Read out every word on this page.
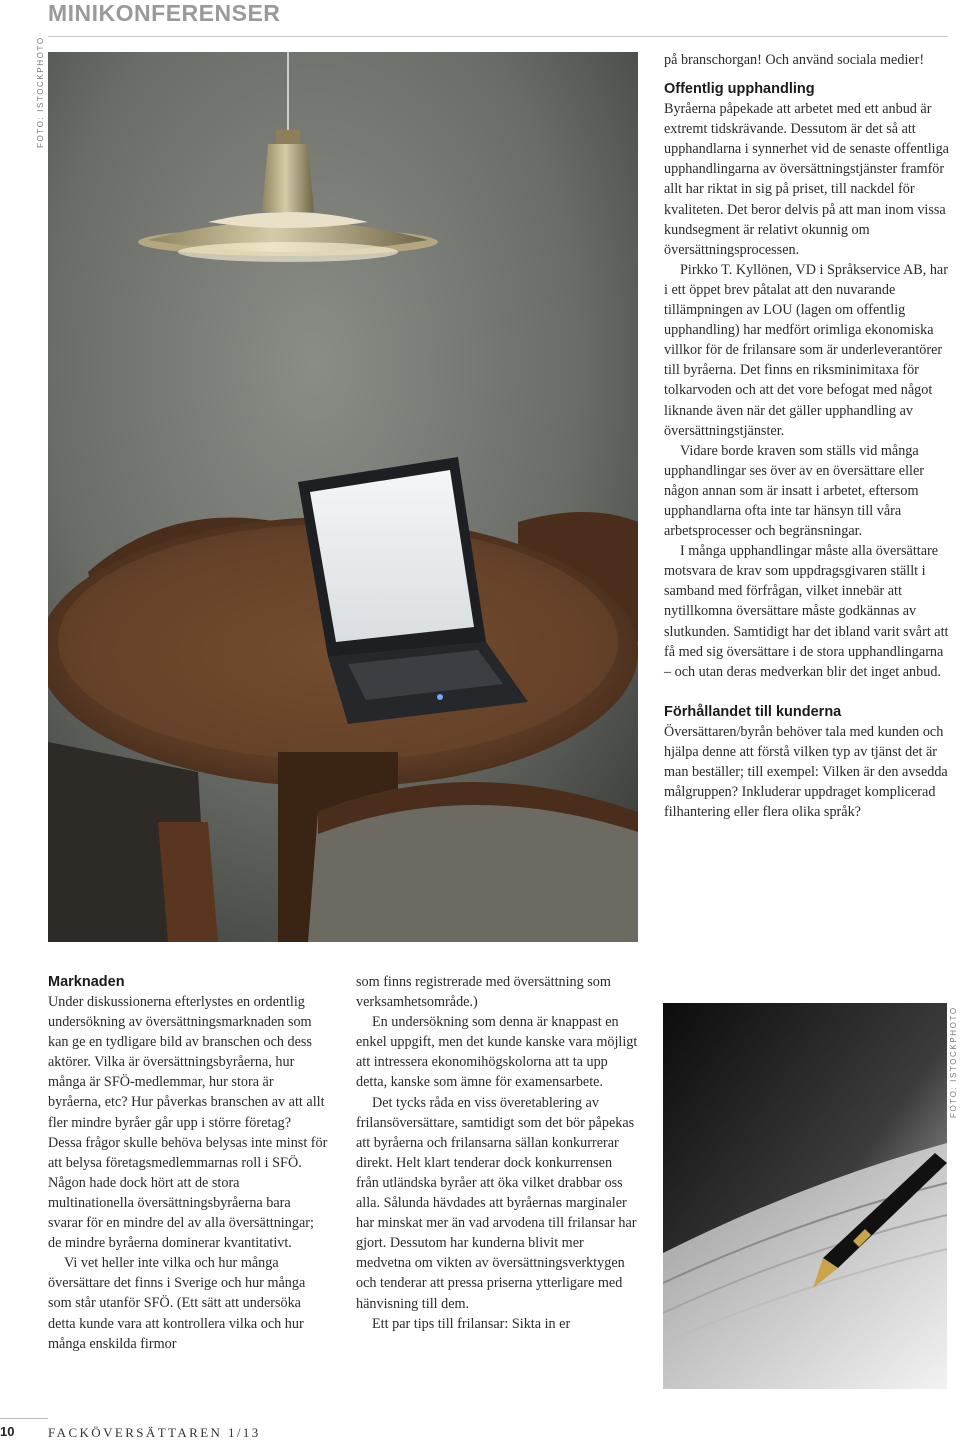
MINIKONFERENSER
FOTO: ISTOCKPHOTO	på branschorgan! Och använd sociala medier!

Offentlig upphandling

Byråerna påpekade att arbetet med ett anbud är extremt tidskrävande. Dessutom är det så att upphandlarna i synnerhet vid de senaste offentliga upphandlingarna av översättningstjänster framför allt har riktat in sig på priset, till nackdel för kvaliteten. Det beror delvis på att man inom vissa kundsegment är relativt okunnig om översättningsprocessen.

Pirkko T. Kyllönen, VD i Språkservice AB, har i ett öppet brev påtalat att den nuvarande tillämpningen av LOU (lagen om offentlig upphandling) har medfört orimliga ekonomiska villkor för de frilansare som är underleverantörer till byråerna. Det finns en riksminimitaxa för tolkarvoden och att det vore befogat med något liknande även när det gäller upphandling av översättningstjänster.

Vidare borde kraven som ställs vid många upphandlingar ses över av en översättare eller någon annan som är insatt i arbetet, eftersom upphandlarna ofta inte tar hänsyn till våra arbetsprocesser och begränsningar.

I många upphandlingar måste alla översättare motsvara de krav som uppdragsgivaren ställt i samband med förfrågan, vilket innebär att nytillkomna översättare måste godkännas av slutkunden. Samtidigt har det ibland varit svårt att få med sig översättare i de stora upphandlingarna – och utan deras medverkan blir det inget anbud.

Förhållandet till kunderna

Översättaren/byrån behöver tala med kunden och hjälpa denne att förstå vilken typ av tjänst det är man beställer; till exempel: Vilken är den avsedda målgruppen? Inkluderar uppdraget komplicerad filhantering eller flera olika språk?

FOTO: ISTOCKPHOTO
Marknaden

Under diskussionerna efterlystes en ordentlig undersökning av översättningsmarknaden som kan ge en tydligare bild av branschen och dess aktörer. Vilka är översättningsbyråerna, hur många är SFÖ-medlemmar, hur stora är byråerna, etc? Hur påverkas branschen av att allt fler mindre byråer går upp i större företag? Dessa frågor skulle behöva belysas inte minst för att belysa företagsmedlemmarnas roll i SFÖ. Någon hade dock hört att de stora multinationella översättningsbyråerna bara svarar för en mindre del av alla översättningar; de mindre byråerna dominerar kvantitativt.

Vi vet heller inte vilka och hur många översättare det finns i Sverige och hur många som står utanför SFÖ. (Ett sätt att undersöka detta kunde vara att kontrollera vilka och hur många enskilda firmor

som finns registrerade med översättning som verksamhetsområde.)

En undersökning som denna är knappast en enkel uppgift, men det kunde kanske vara möjligt att intressera ekonomihögskolorna att ta upp detta, kanske som ämne för examensarbete.

Det tycks råda en viss överetablering av frilansöversättare, samtidigt som det bör påpekas att byråerna och frilansarna sällan konkurrerar direkt. Helt klart tenderar dock konkurrensen från utländska byråer att öka vilket drabbar oss alla. Sålunda hävdades att byråernas marginaler har minskat mer än vad arvodena till frilansar har gjort. Dessutom har kunderna blivit mer medvetna om vikten av översättningsverktygen och tenderar att pressa priserna ytterligare med hänvisning till dem.

Ett par tips till frilansar: Sikta in er

10	FACKÖVERSÄTTAREN 1/13
